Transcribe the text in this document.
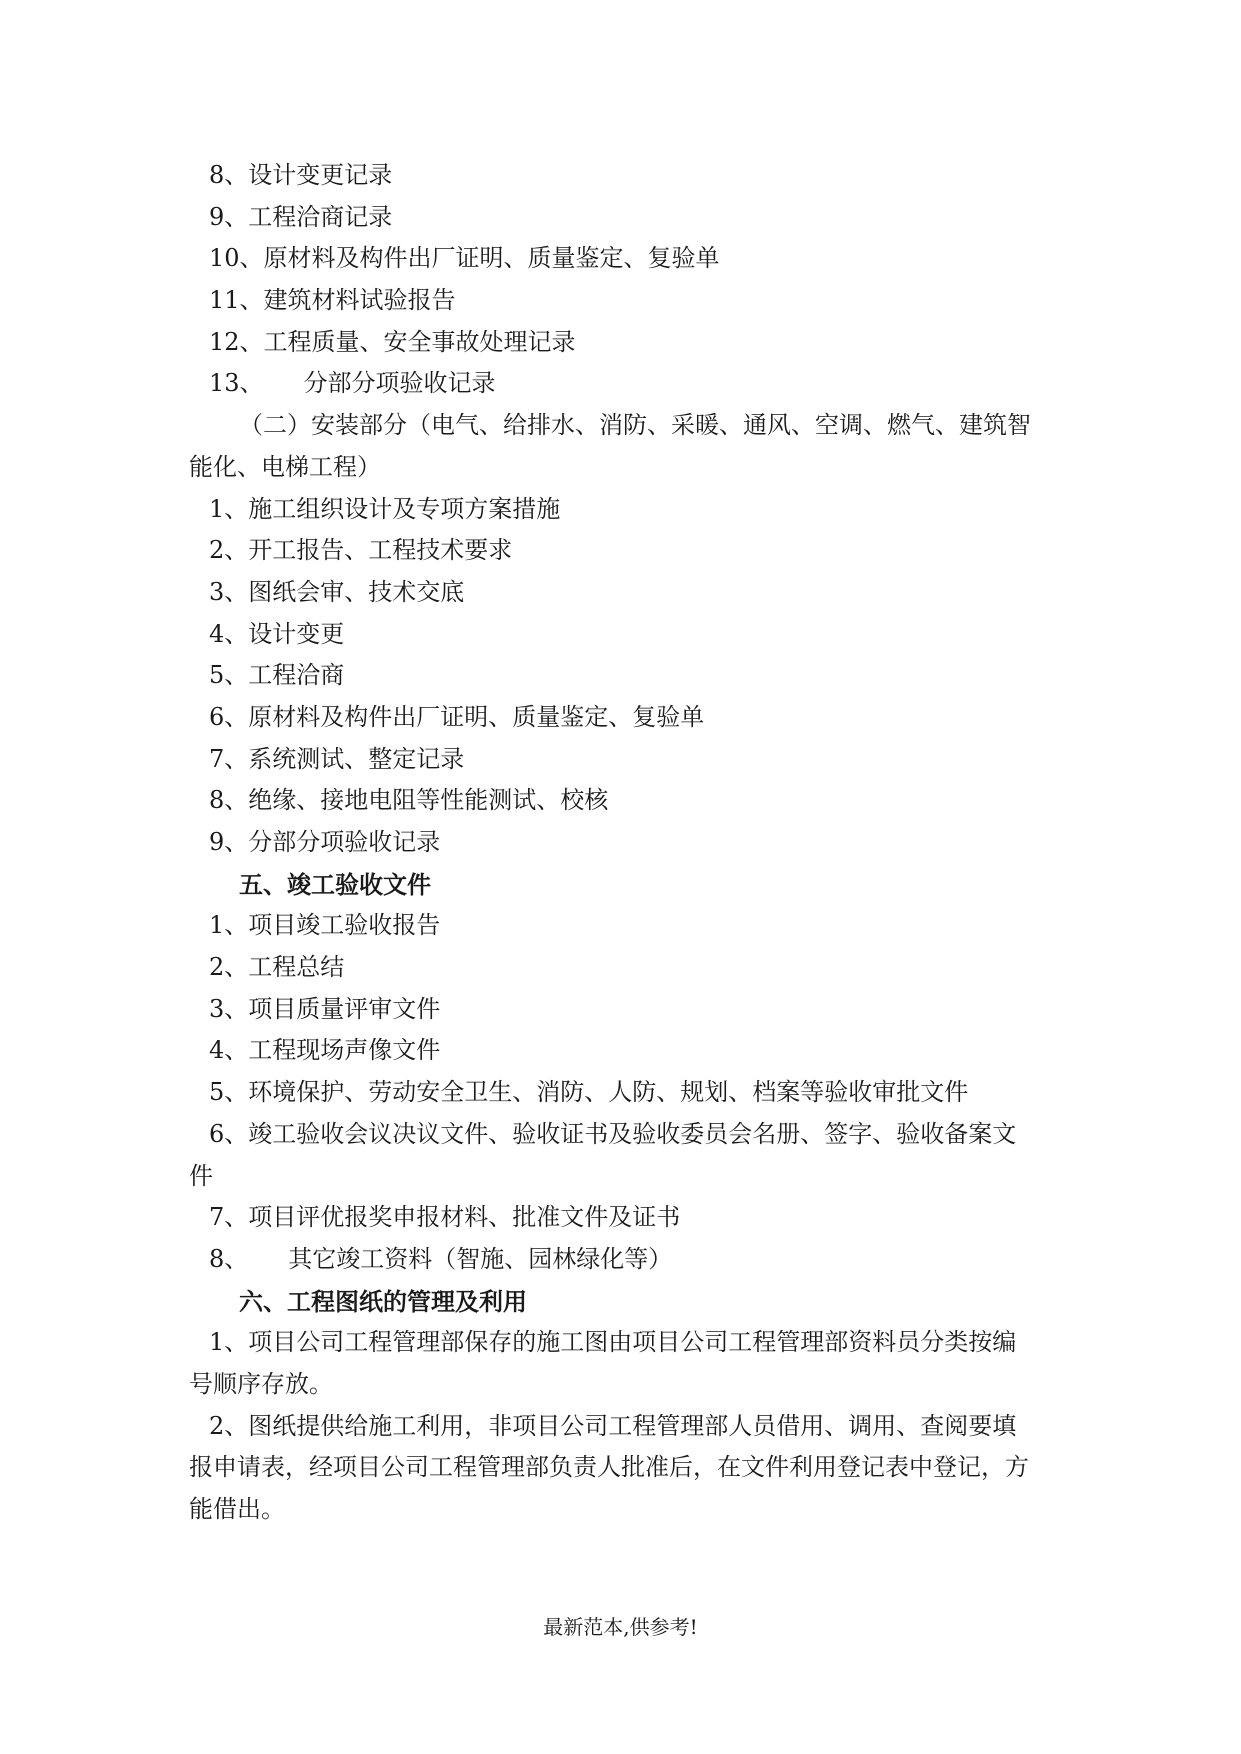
8、设计变更记录
9、工程洽商记录
10、原材料及构件出厂证明、质量鉴定、复验单
11、建筑材料试验报告
12、工程质量、安全事故处理记录
13、 分部分项验收记录
（二）安装部分（电气、给排水、消防、采暖、通风、空调、燃气、建筑智
能化、电梯工程）
1、施工组织设计及专项方案措施
2、开工报告、工程技术要求
3、图纸会审、技术交底
4、设计变更
5、工程洽商
6、原材料及构件出厂证明、质量鉴定、复验单
7、系统测试、整定记录
8、绝缘、接地电阻等性能测试、校核
9、分部分项验收记录
五、竣工验收文件
1、项目竣工验收报告
2、工程总结
3、项目质量评审文件
4、工程现场声像文件
5、环境保护、劳动安全卫生、消防、人防、规划、档案等验收审批文件
6、竣工验收会议决议文件、验收证书及验收委员会名册、签字、验收备案文
件
7、项目评优报奖申报材料、批准文件及证书
8、 其它竣工资料（智施、园林绿化等）
六、工程图纸的管理及利用
1、项目公司工程管理部保存的施工图由项目公司工程管理部资料员分类按编
号顺序存放。
2、图纸提供给施工利用，非项目公司工程管理部人员借用、调用、查阅要填
报申请表，经项目公司工程管理部负责人批准后，在文件利用登记表中登记，方
能借出。
最新范本,供参考!
